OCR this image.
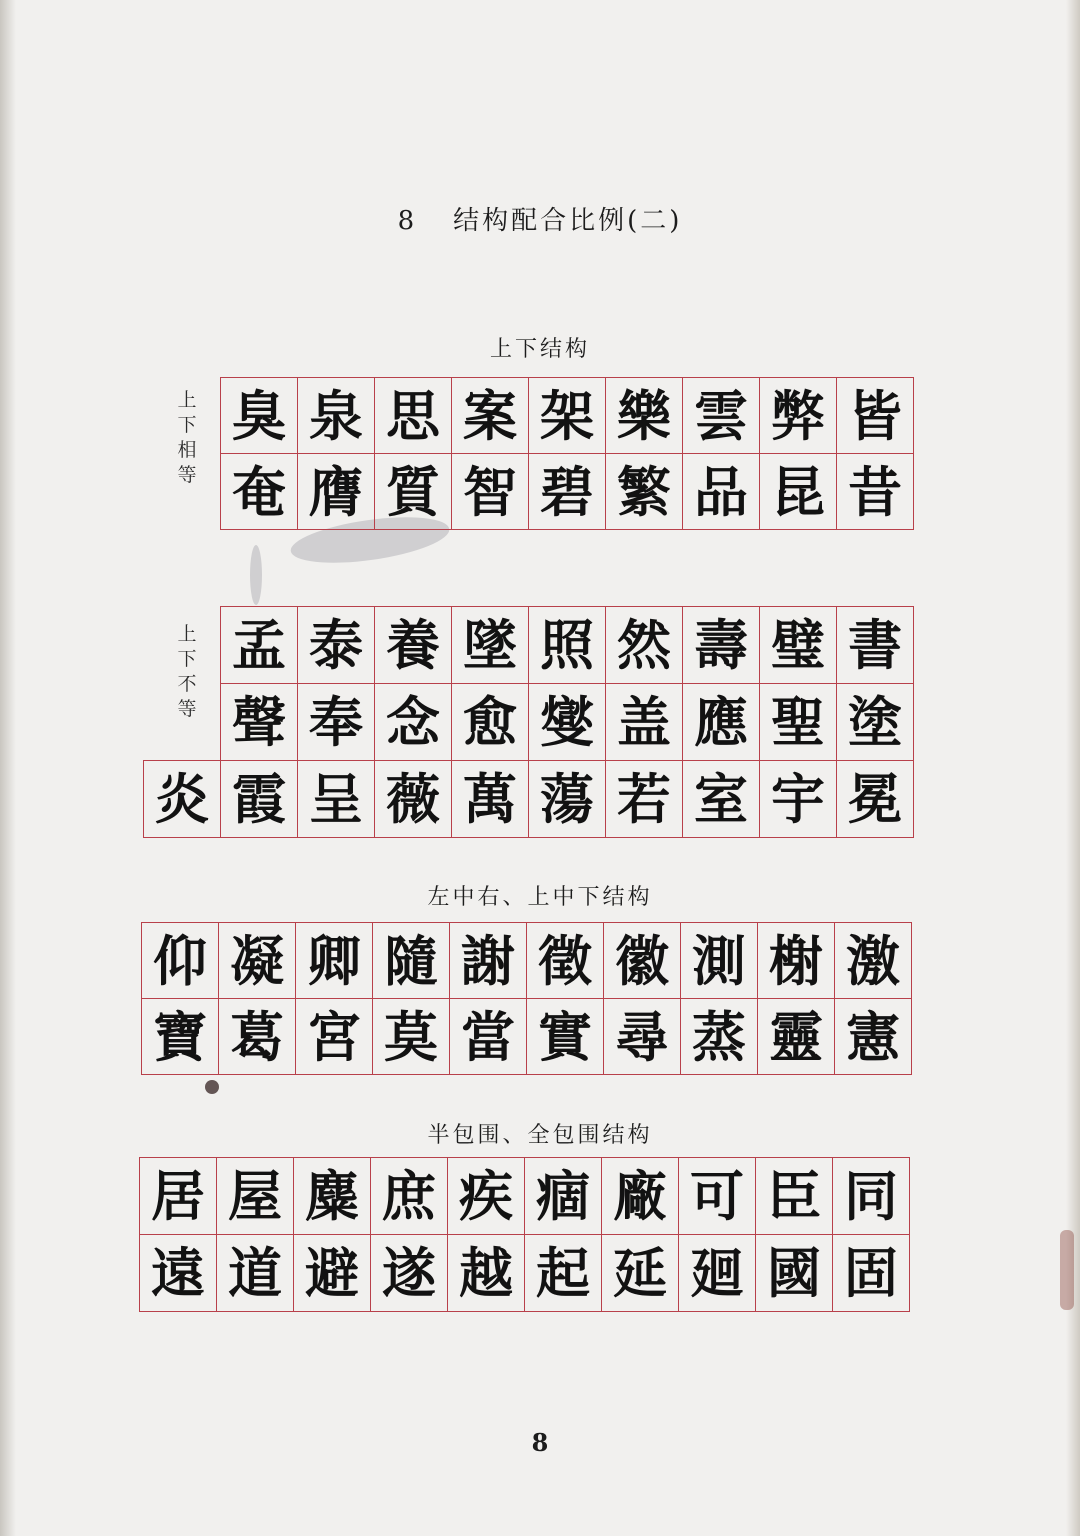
8 结构配合比例(二)
上下结构
上
下
相
等
臭	泉	思	案	架	樂	雲	弊	皆
奄	膺	質	智	碧	繁	品	昆	昔
上
下
不
等
	孟	泰	養	墜	照	然	壽	璧	書
	聲	奉	念	愈	燮	盖	應	聖	塗
炎	霞	呈	薇	萬	蕩	若	室	宇	冕
左中右、上中下结构
仰	凝	卿	隨	謝	徵	徽	測	榭	激
寶	葛	宮	莫	當	實	尋	蒸	靈	憲
半包围、全包围结构
居	屋	麋	庶	疾	痼	廠	可	臣	同
遠	道	避	遂	越	起	延	廻	國	固
8
